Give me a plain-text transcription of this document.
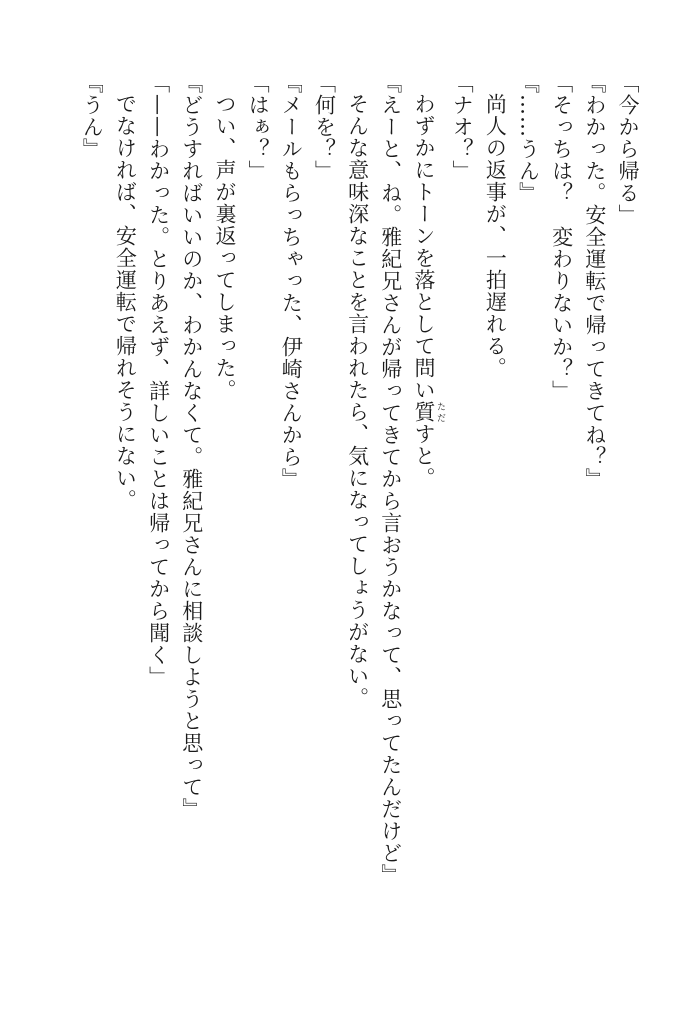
「今から帰る」
『わかった。安全運転で帰ってきてね？』
「そっちは？　変わりないか？」
『……うん』
尚人の返事が、一拍遅れる。
「ナオ？」
わずかにトーンを落として問い質 ただすと。
『えーと、ね。雅紀兄さんが帰ってきてから言おうかなって、思ってたんだけど』
そんな意味深なことを言われたら、気になってしょうがない。
「何を？」
『メールもらっちゃった、伊崎さんから』
「はぁ？」
つい、声が裏返ってしまった。
『どうすればいいのか、わかんなくて。雅紀兄さんに相談しようと思って』
「——わかった。とりあえず、詳しいことは帰ってから聞く」
でなければ、安全運転で帰れそうにない。
『うん』
